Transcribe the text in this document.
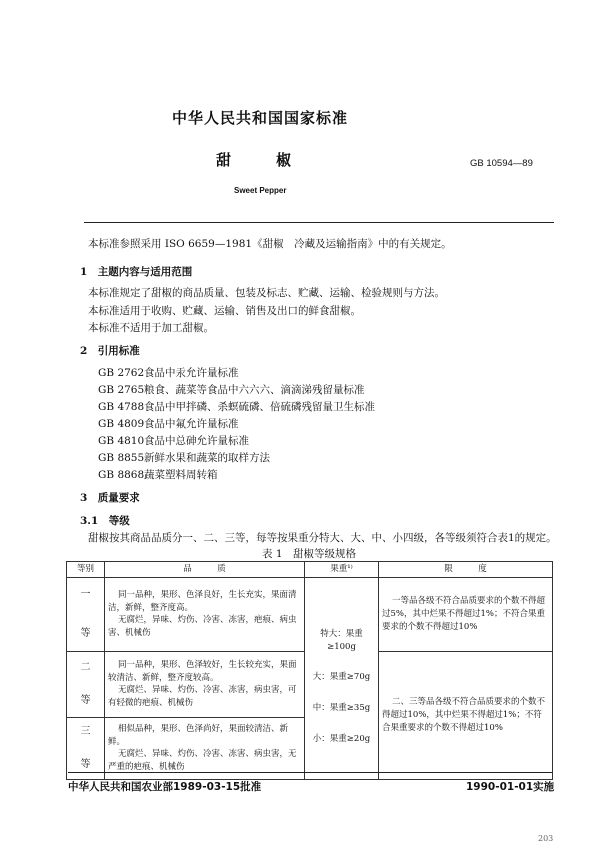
中华人民共和国国家标准
甜　　　椒	GB 10594—89
Sweet Pepper
本标准参照采用 ISO 6659—1981《甜椒　冷藏及运输指南》中的有关规定。
1　主题内容与适用范围
本标准规定了甜椒的商品质量、包装及标志、贮藏、运输、检验规则与方法。
本标准适用于收购、贮藏、运输、销售及出口的鲜食甜椒。
本标准不适用于加工甜椒。
2　引用标准
GB 2762食品中汞允许量标准
GB 2765粮食、蔬菜等食品中六六六、滴滴涕残留量标准
GB 4788食品中甲拌磷、杀螟硫磷、倍硫磷残留量卫生标准
GB 4809食品中氟允许量标准
GB 4810食品中总砷允许量标准
GB 8855新鲜水果和蔬菜的取样方法
GB 8868蔬菜塑料周转箱
3　质量要求
3.1　等级
甜椒按其商品品质分一、二、三等，每等按果重分特大、大、中、小四级，各等级须符合表1的规定。
表 1　甜椒等级规格
等别	品　　　质	果重¹⁾	限　　　度

一
等	同一品种，果形、色泽良好，生长充实，果面清洁，新鲜，整齐度高。
无腐烂，异味、灼伤、冷害、冻害，疤痕、病虫害、机械伤	特大：果重≥100g
大：果重≥70g
中：果重≥35g
小：果重≥20g	一等品各级不符合品质要求的个数不得超过5%，其中烂果不得超过1%；不符合果重要求的个数不得超过10%

二
等	同一品种，果形、色泽较好，生长较充实，果面较清洁、新鲜，整齐度较高。
无腐烂、异味、灼伤、冷害、冻害，病虫害，可有轻微的疤痕、机械伤		二、三等品各级不符合品质要求的个数不得超过10%，其中烂果不得超过1%；不符合果重要求的个数不得超过10%

三
等	相似品种，果形、色泽尚好，果面较清洁、新鲜。
无腐烂、异味、灼伤、冷害、冻害、病虫害，无严重的疤痕、机械伤		
中华人民共和国农业部1989-03-15批准	1990-01-01实施
203
